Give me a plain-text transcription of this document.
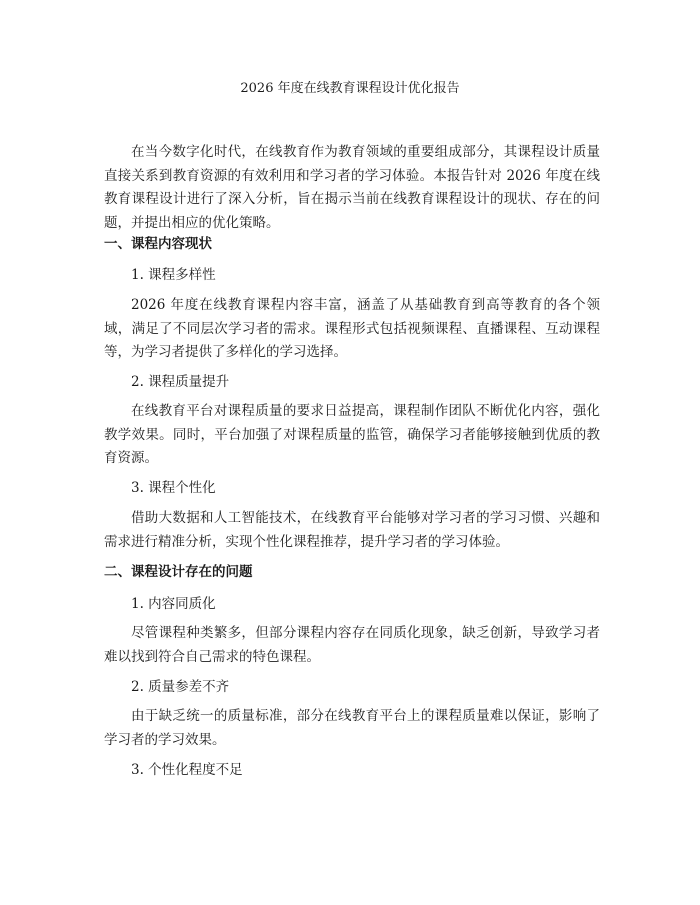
2026 年度在线教育课程设计优化报告

在当今数字化时代，在线教育作为教育领域的重要组成部分，其课程设计质量直接关系到教育资源的有效利用和学习者的学习体验。本报告针对 2026 年度在线教育课程设计进行了深入分析，旨在揭示当前在线教育课程设计的现状、存在的问题，并提出相应的优化策略。

一、课程内容现状

1. 课程多样性

2026 年度在线教育课程内容丰富，涵盖了从基础教育到高等教育的各个领域，满足了不同层次学习者的需求。课程形式包括视频课程、直播课程、互动课程等，为学习者提供了多样化的学习选择。

2. 课程质量提升

在线教育平台对课程质量的要求日益提高，课程制作团队不断优化内容，强化教学效果。同时，平台加强了对课程质量的监管，确保学习者能够接触到优质的教育资源。

3. 课程个性化

借助大数据和人工智能技术，在线教育平台能够对学习者的学习习惯、兴趣和需求进行精准分析，实现个性化课程推荐，提升学习者的学习体验。

二、课程设计存在的问题

1. 内容同质化

尽管课程种类繁多，但部分课程内容存在同质化现象，缺乏创新，导致学习者难以找到符合自己需求的特色课程。

2. 质量参差不齐

由于缺乏统一的质量标准，部分在线教育平台上的课程质量难以保证，影响了学习者的学习效果。

3. 个性化程度不足
